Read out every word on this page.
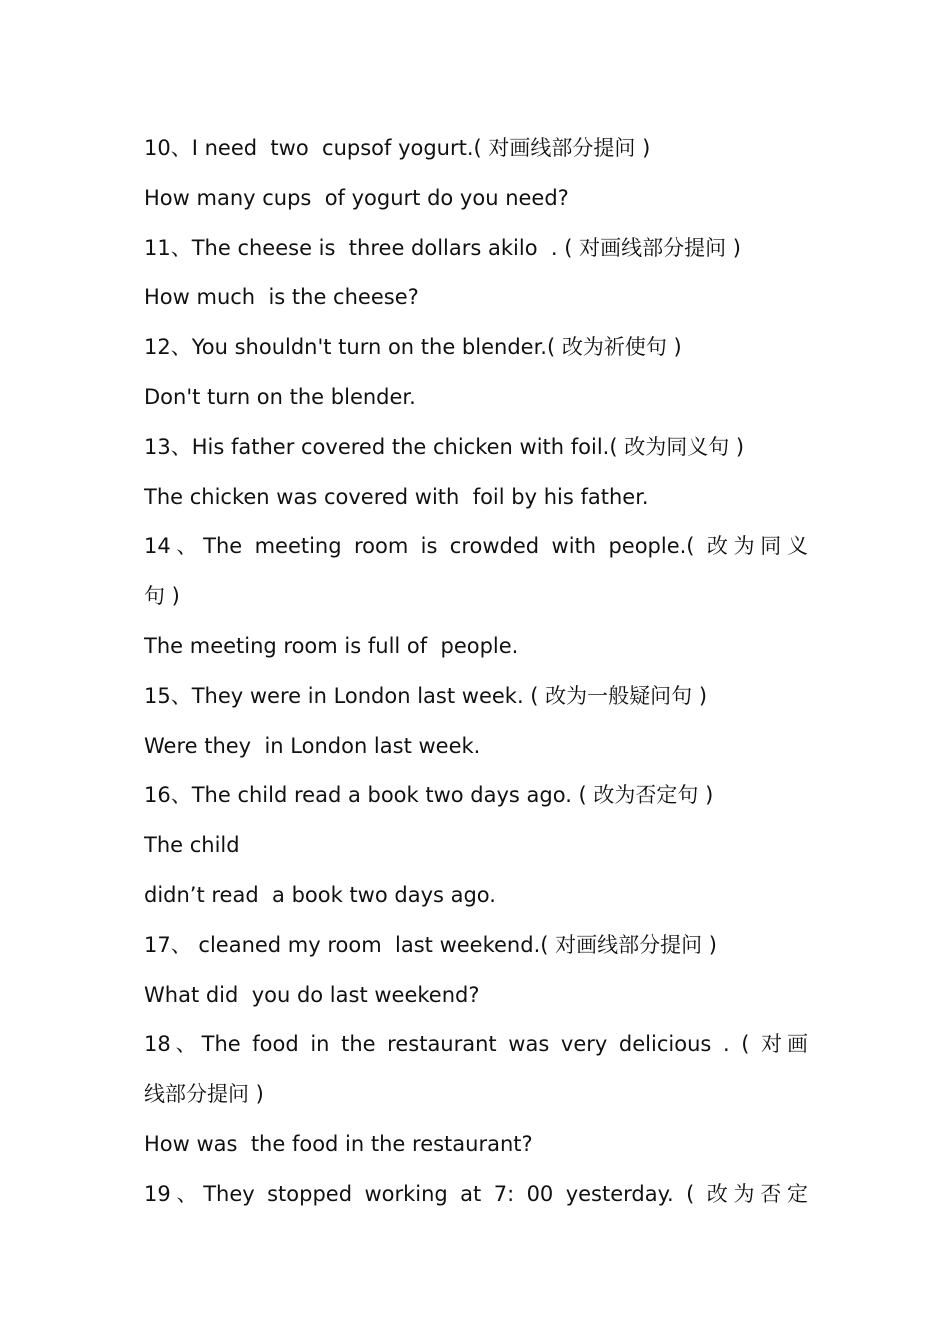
10、I need  two  cupsof yogurt.( 对画线部分提问 )
How many cups  of yogurt do you need?
11、The cheese is  three dollars akilo  . ( 对画线部分提问 )
How much  is the cheese?
12、You shouldn't turn on the blender.( 改为祈使句 )
Don't turn on the blender.
13、His father covered the chicken with foil.( 改为同义句 )
The chicken was covered with  foil by his father.
14、The meeting room is crowded with people.( 改为同义
句 )
The meeting room is full of  people.
15、They were in London last week. ( 改为一般疑问句 )
Were they  in London last week.
16、The child read a book two days ago. ( 改为否定句 )
The child
didn’t read  a book two days ago.
17、 cleaned my room  last weekend.( 对画线部分提问 )
What did  you do last weekend?
18、The food in the restaurant was very delicious . ( 对画
线部分提问 )
How was  the food in the restaurant?
19、They stopped working at 7: 00 yesterday. ( 改为否定
